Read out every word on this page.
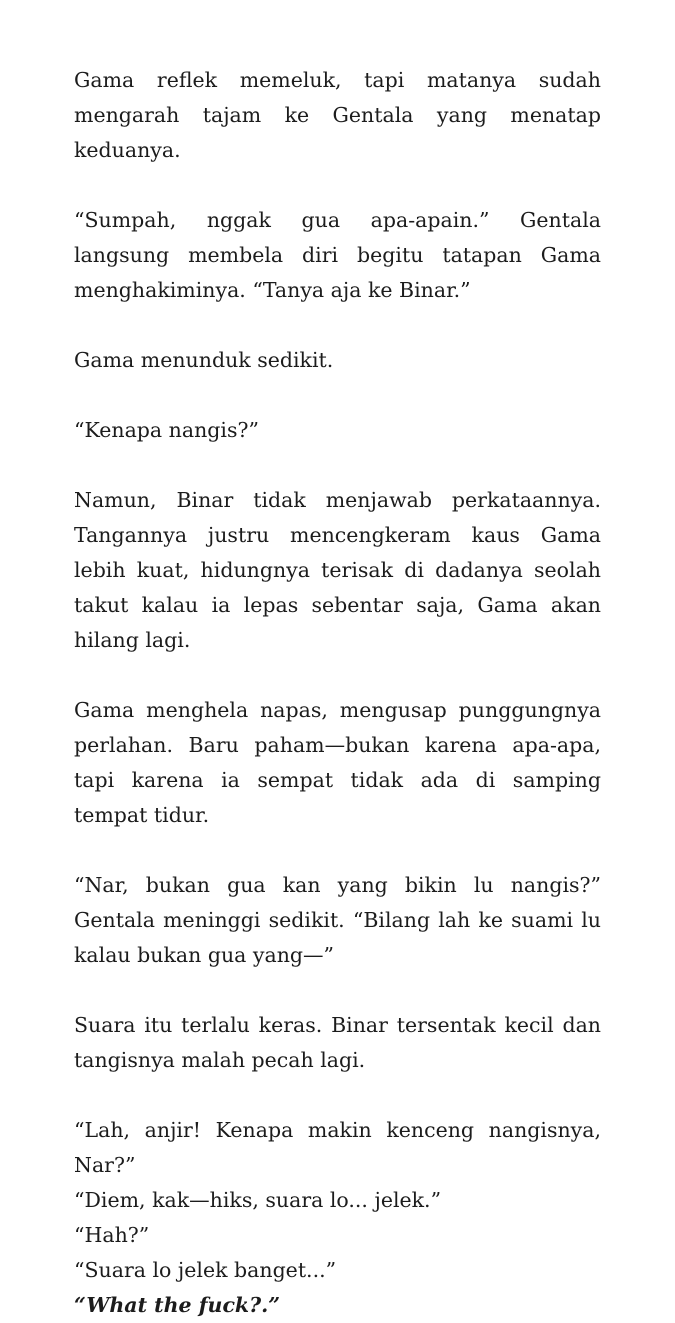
Gama reflek memeluk, tapi matanya sudah mengarah tajam ke Gentala yang menatap keduanya.

“Sumpah, nggak gua apa-apain.” Gentala langsung membela diri begitu tatapan Gama menghakiminya. “Tanya aja ke Binar.”

Gama menunduk sedikit.

“Kenapa nangis?”

Namun, Binar tidak menjawab perkataannya. Tangannya justru mencengkeram kaus Gama lebih kuat, hidungnya terisak di dadanya seolah takut kalau ia lepas sebentar saja, Gama akan hilang lagi.

Gama menghela napas, mengusap punggungnya perlahan. Baru paham—bukan karena apa-apa, tapi karena ia sempat tidak ada di samping tempat tidur.

“Nar, bukan gua kan yang bikin lu nangis?” Gentala meninggi sedikit. “Bilang lah ke suami lu kalau bukan gua yang—”

Suara itu terlalu keras. Binar tersentak kecil dan tangisnya malah pecah lagi.

“Lah, anjir! Kenapa makin kenceng nangisnya, Nar?”
“Diem, kak—hiks, suara lo... jelek.”
“Hah?”
“Suara lo jelek banget...”
“What the fuck?.”
